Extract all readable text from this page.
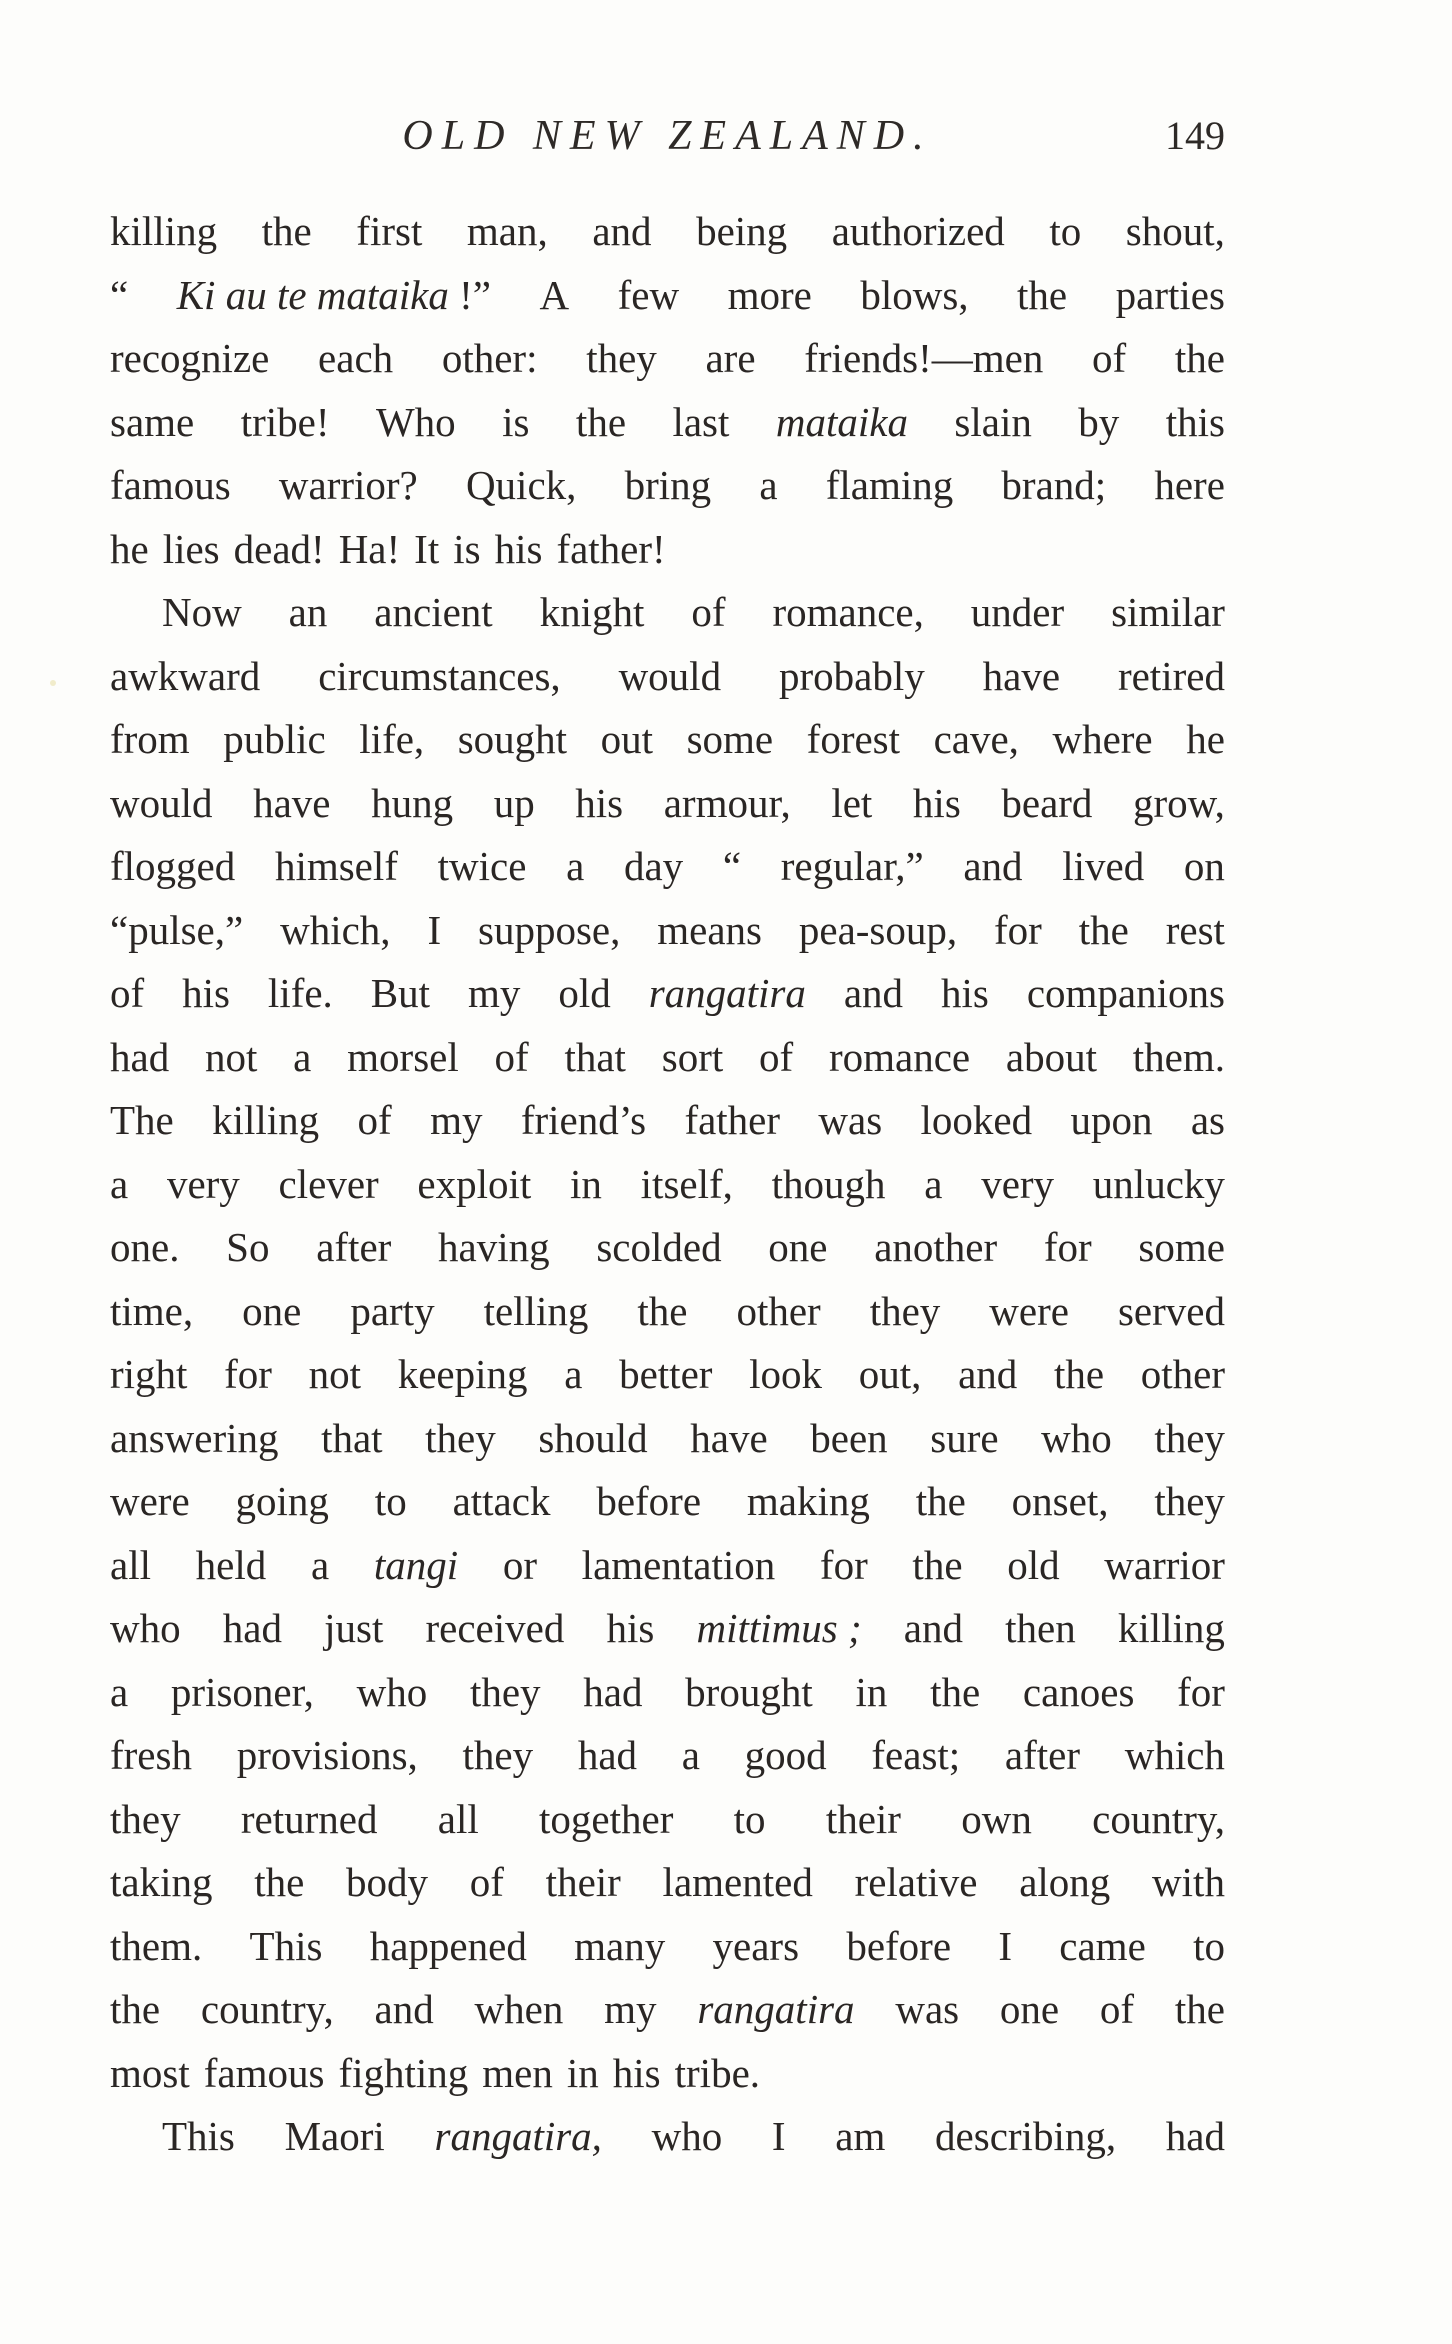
OLD NEW ZEALAND.	149
killing the first man, and being authorized to shout,
“ Ki au te mataika !” A few more blows, the parties
recognize each other: they are friends!—men of the
same tribe! Who is the last mataika slain by this
famous warrior? Quick, bring a flaming brand; here
he lies dead! Ha! It is his father!
Now an ancient knight of romance, under similar
awkward circumstances, would probably have retired
from public life, sought out some forest cave, where he
would have hung up his armour, let his beard grow,
flogged himself twice a day “ regular,” and lived on
“pulse,” which, I suppose, means pea-soup, for the rest
of his life. But my old rangatira and his companions
had not a morsel of that sort of romance about them.
The killing of my friend’s father was looked upon as
a very clever exploit in itself, though a very unlucky
one. So after having scolded one another for some
time, one party telling the other they were served
right for not keeping a better look out, and the other
answering that they should have been sure who they
were going to attack before making the onset, they
all held a tangi or lamentation for the old warrior
who had just received his mittimus ; and then killing
a prisoner, who they had brought in the canoes for
fresh provisions, they had a good feast; after which
they returned all together to their own country,
taking the body of their lamented relative along with
them. This happened many years before I came to
the country, and when my rangatira was one of the
most famous fighting men in his tribe.
This Maori rangatira, who I am describing, had
